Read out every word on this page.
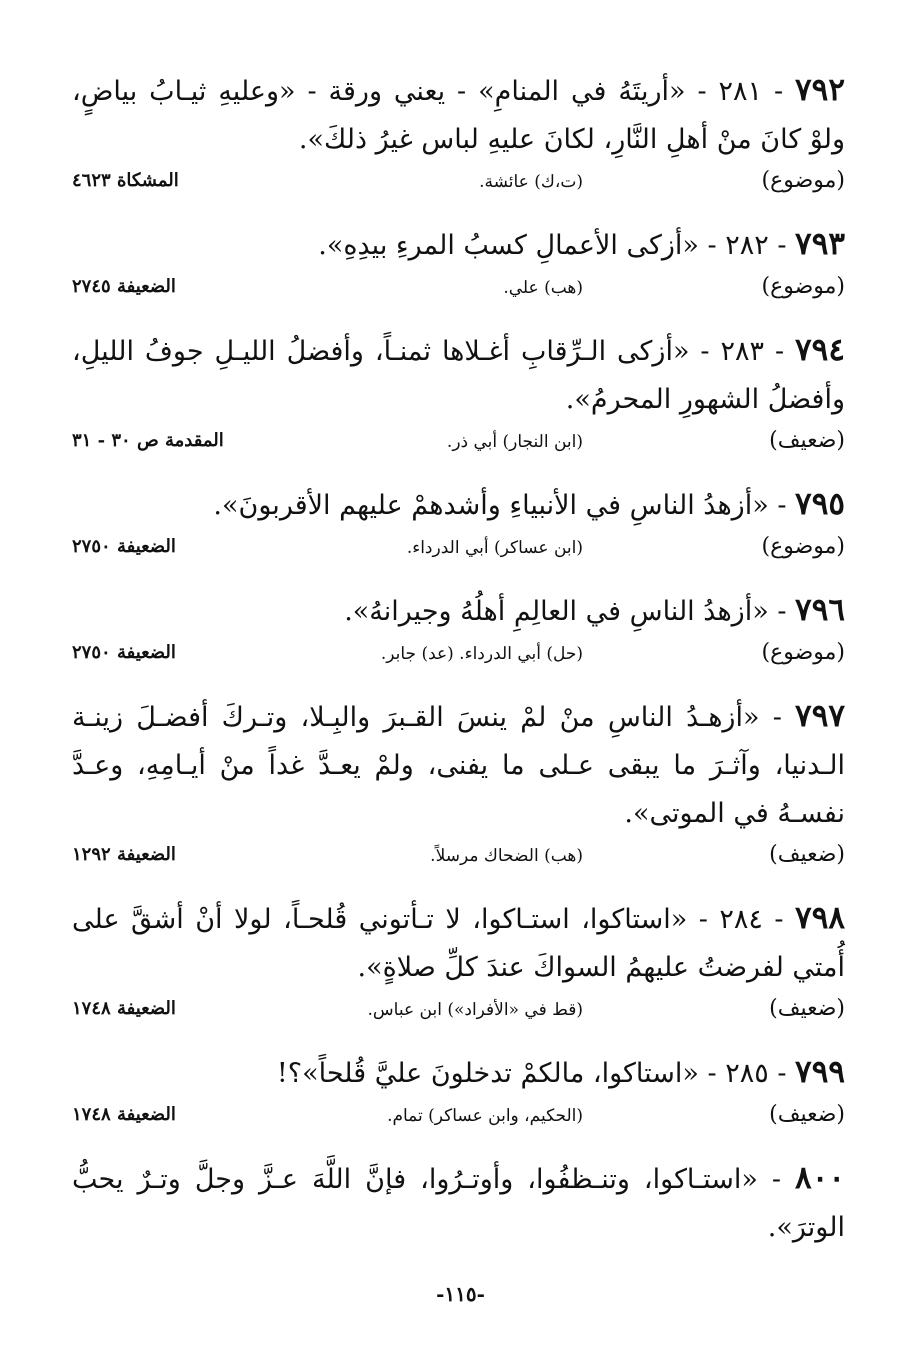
٧٩٢ - ٢٨١ - «أريتَهُ في المنامِ» - يعني ورقة - «وعليهِ ثيـابُ بياضٍ، ولوْ كانَ منْ أهلِ النَّارِ، لكانَ عليهِ لباس غيرُ ذلكَ».

(موضوع)
(ت،ك) عائشة.
المشكاة ٤٦٢٣

٧٩٣ - ٢٨٢ - «أزكى الأعمالِ كسبُ المرءِ بيدِهِ».

(موضوع)
(هب) علي.
الضعيفة ٢٧٤٥

٧٩٤ - ٢٨٣ - «أزكى الـرِّقابِ أغـلاها ثمنـاً، وأفضلُ الليـلِ جوفُ الليلِ، وأفضلُ الشهورِ المحرمُ».

(ضعيف)
(ابن النجار) أبي ذر.
المقدمة ص ٣٠ - ٣١

٧٩٥ - «أزهدُ الناسِ في الأنبياءِ وأشدهمْ عليهم الأقربونَ».

(موضوع)
(ابن عساكر) أبي الدرداء.
الضعيفة ٢٧٥٠

٧٩٦ - «أزهدُ الناسِ في العالِمِ أهلُهُ وجيرانهُ».

(موضوع)
(حل) أبي الدرداء. (عد) جابر.
الضعيفة ٢٧٥٠

٧٩٧ - «أزهـدُ الناسِ منْ لمْ ينسَ القـبرَ والبِـلا، وتـركَ أفضـلَ زينـة الـدنيا، وآثـرَ ما يبقى عـلى ما يفنى، ولمْ يعـدَّ غداً منْ أيـامِهِ، وعـدَّ نفسـهُ في الموتى».

(ضعيف)
(هب) الضحاك مرسلاً.
الضعيفة ١٢٩٢

٧٩٨ - ٢٨٤ - «استاكوا، استـاكوا، لا تـأتوني قُلحـاً، لولا أنْ أشقَّ على أُمتي لفرضتُ عليهمُ السواكَ عندَ كلِّ صلاةٍ».

(ضعيف)
(قط في «الأفراد») ابن عباس.
الضعيفة ١٧٤٨

٧٩٩ - ٢٨٥ - «استاكوا، مالكمْ تدخلونَ عليَّ قُلحاً»؟!

(ضعيف)
(الحكيم، وابن عساكر) تمام.
الضعيفة ١٧٤٨

٨٠٠ - «استـاكوا، وتنـظفُوا، وأوتـرُوا، فإنَّ اللَّهَ عـزَّ وجلَّ وتـرٌ يحبُّ الوترَ».

-١١٥-
